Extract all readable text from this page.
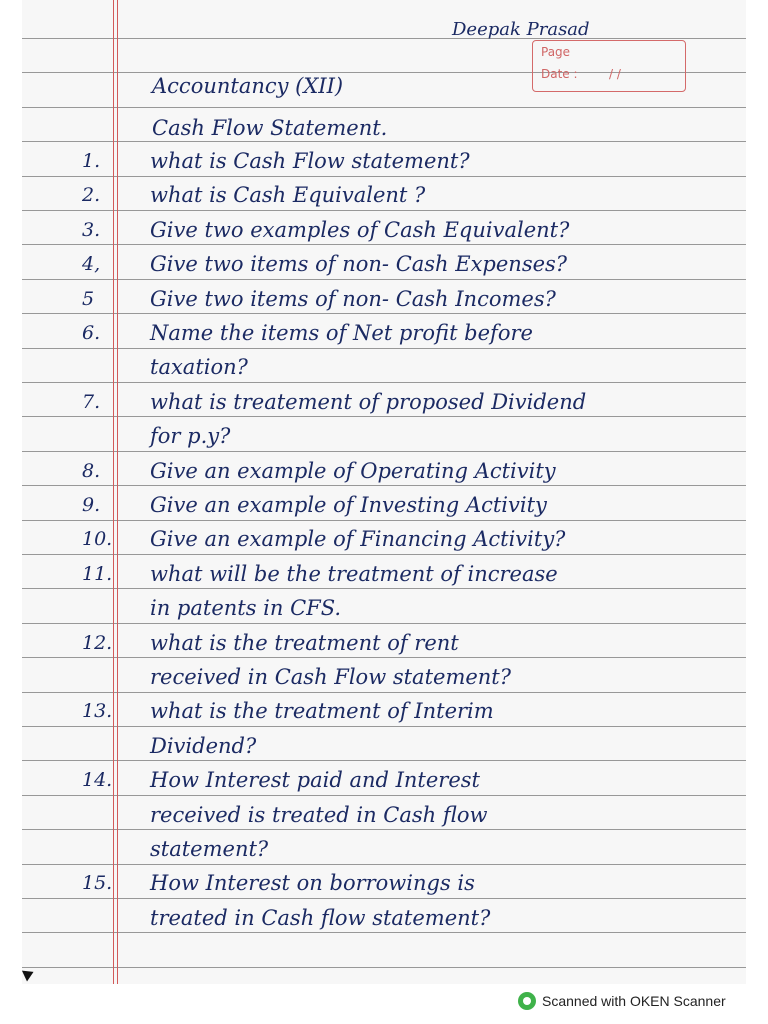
Page
Date :	/ /
Deepak Prasad
Accountancy (XII)
Cash Flow Statement.
1. what is Cash Flow statement?
2. what is Cash Equivalent ?
3. Give two examples of Cash Equivalent?
4, Give two items of non- Cash Expenses?
5	Give two items of non- Cash Incomes?
6. Name the items of Net profit before
taxation?
7. what is treatement of proposed Dividend
for p.y?
8. Give an example of Operating Activity
9. Give an example of Investing Activity
10. Give an example of Financing Activity?
11. what will be the treatment of increase
in patents in CFS.
12. what is the treatment of rent
received in Cash Flow statement?
13. what is the treatment of Interim
Dividend?
14. How Interest paid and Interest
received is treated in Cash flow
statement?
15. How Interest on borrowings is
treated in Cash flow statement?
Scanned with OKEN Scanner
